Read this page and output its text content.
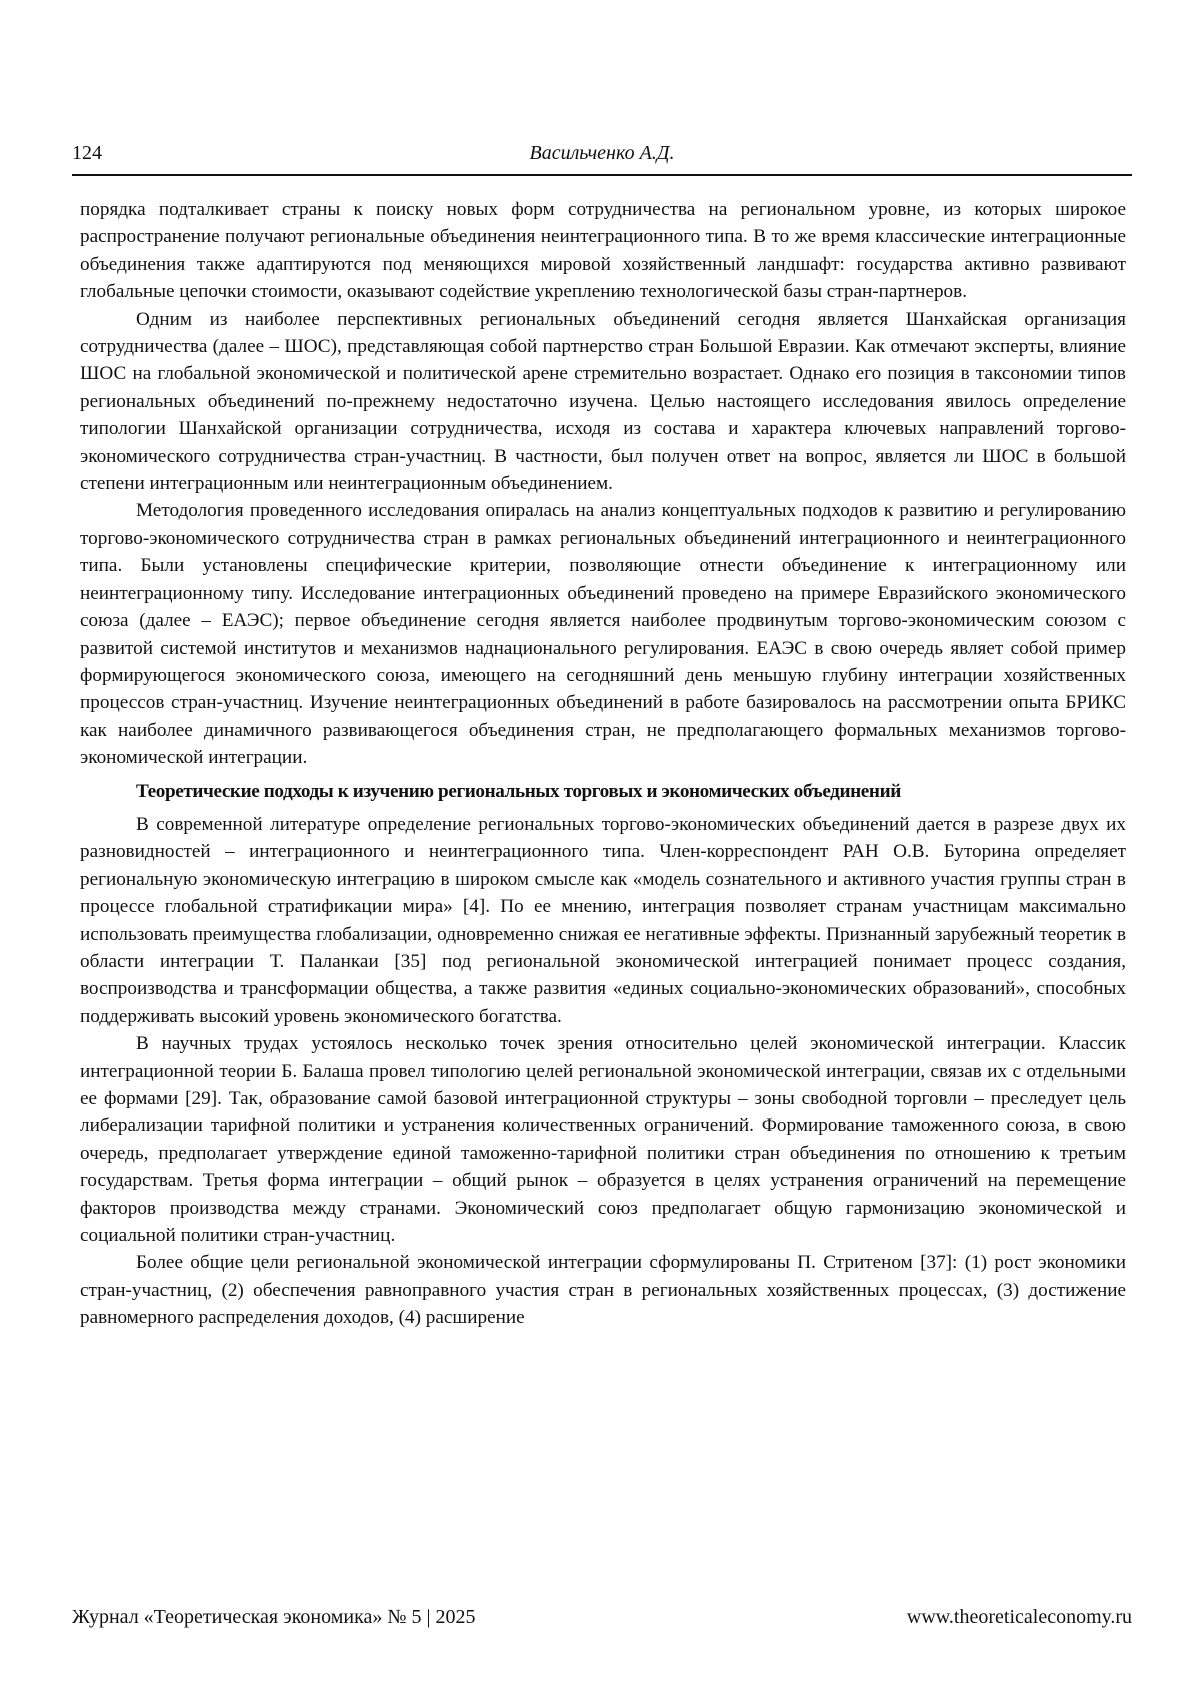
124	Васильченко А.Д.

порядка подталкивает страны к поиску новых форм сотрудничества на региональном уровне, из которых широкое распространение получают региональные объединения неинтеграционного типа. В то же время классические интеграционные объединения также адаптируются под меняющихся мировой хозяйственный ландшафт: государства активно развивают глобальные цепочки стоимости, оказывают содействие укреплению технологической базы стран-партнеров.

Одним из наиболее перспективных региональных объединений сегодня является Шанхайская организация сотрудничества (далее – ШОС), представляющая собой партнерство стран Большой Евразии. Как отмечают эксперты, влияние ШОС на глобальной экономической и политической арене стремительно возрастает. Однако его позиция в таксономии типов региональных объединений по-прежнему недостаточно изучена. Целью настоящего исследования явилось определение типологии Шанхайской организации сотрудничества, исходя из состава и характера ключевых направлений торгово-экономического сотрудничества стран-участниц. В частности, был получен ответ на вопрос, является ли ШОС в большой степени интеграционным или неинтеграционным объединением.

Методология проведенного исследования опиралась на анализ концептуальных подходов к развитию и регулированию торгово-экономического сотрудничества стран в рамках региональных объединений интеграционного и неинтеграционного типа. Были установлены специфические критерии, позволяющие отнести объединение к интеграционному или неинтеграционному типу. Исследование интеграционных объединений проведено на примере Евразийского экономического союза (далее – ЕАЭС); первое объединение сегодня является наиболее продвинутым торгово-экономическим союзом с развитой системой институтов и механизмов наднационального регулирования. ЕАЭС в свою очередь являет собой пример формирующегося экономического союза, имеющего на сегодняшний день меньшую глубину интеграции хозяйственных процессов стран-участниц. Изучение неинтеграционных объединений в работе базировалось на рассмотрении опыта БРИКС как наиболее динамичного развивающегося объединения стран, не предполагающего формальных механизмов торгово-экономической интеграции.

Теоретические подходы к изучению региональных торговых и экономических объединений

В современной литературе определение региональных торгово-экономических объединений дается в разрезе двух их разновидностей – интеграционного и неинтеграционного типа. Член-корреспондент РАН О.В. Буторина определяет региональную экономическую интеграцию в широком смысле как «модель сознательного и активного участия группы стран в процессе глобальной стратификации мира» [4]. По ее мнению, интеграция позволяет странам участницам максимально использовать преимущества глобализации, одновременно снижая ее негативные эффекты. Признанный зарубежный теоретик в области интеграции Т. Паланкаи [35] под региональной экономической интеграцией понимает процесс создания, воспроизводства и трансформации общества, а также развития «единых социально-экономических образований», способных поддерживать высокий уровень экономического богатства.

В научных трудах устоялось несколько точек зрения относительно целей экономической интеграции. Классик интеграционной теории Б. Балаша провел типологию целей региональной экономической интеграции, связав их с отдельными ее формами [29]. Так, образование самой базовой интеграционной структуры – зоны свободной торговли – преследует цель либерализации тарифной политики и устранения количественных ограничений. Формирование таможенного союза, в свою очередь, предполагает утверждение единой таможенно-тарифной политики стран объединения по отношению к третьим государствам. Третья форма интеграции – общий рынок – образуется в целях устранения ограничений на перемещение факторов производства между странами. Экономический союз предполагает общую гармонизацию экономической и социальной политики стран-участниц.

Более общие цели региональной экономической интеграции сформулированы П. Стритеном [37]: (1) рост экономики стран-участниц, (2) обеспечения равноправного участия стран в региональных хозяйственных процессах, (3) достижение равномерного распределения доходов, (4) расширение

Журнал «Теоретическая экономика» № 5 | 2025	www.theoreticaleconomy.ru
